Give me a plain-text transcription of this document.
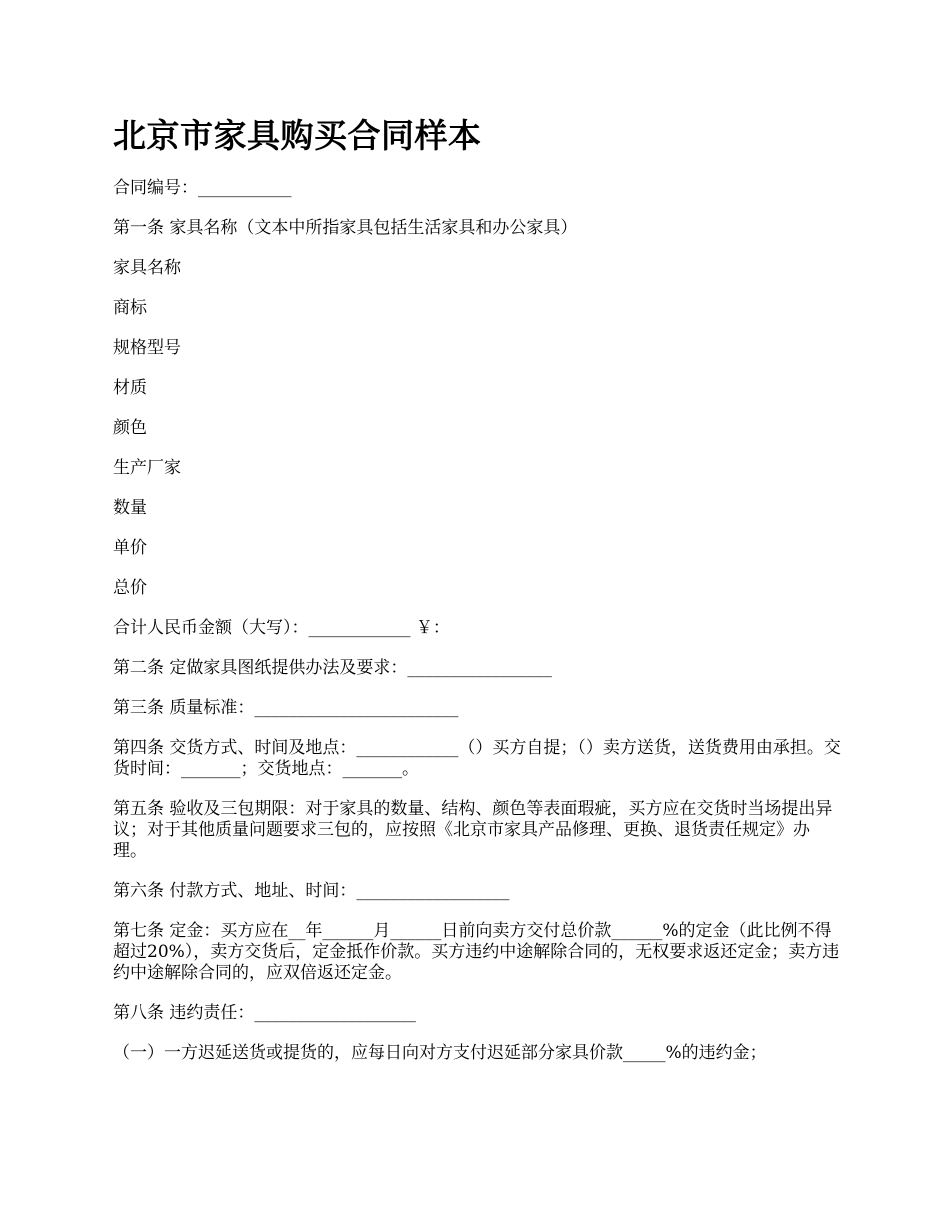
北京市家具购买合同样本

合同编号：___________

第一条 家具名称（文本中所指家具包括生活家具和办公家具）

家具名称

商标

规格型号

材质

颜色

生产厂家

数量

单价

总价

合计人民币金额（大写）：____________ ￥：

第二条 定做家具图纸提供办法及要求：_________________

第三条 质量标准：________________________

第四条 交货方式、时间及地点：____________（）买方自提；（）卖方送货，送货费用由承担。交货时间：_______；交货地点：_______。

第五条 验收及三包期限：对于家具的数量、结构、颜色等表面瑕疵，买方应在交货时当场提出异议；对于其他质量问题要求三包的，应按照《北京市家具产品修理、更换、退货责任规定》办理。

第六条 付款方式、地址、时间：__________________

第七条 定金：买方应在__年______月______日前向卖方交付总价款______%的定金（此比例不得超过20%），卖方交货后，定金抵作价款。买方违约中途解除合同的，无权要求返还定金；卖方违约中途解除合同的，应双倍返还定金。

第八条 违约责任：___________________

（一）一方迟延送货或提货的，应每日向对方支付迟延部分家具价款_____%的违约金；
